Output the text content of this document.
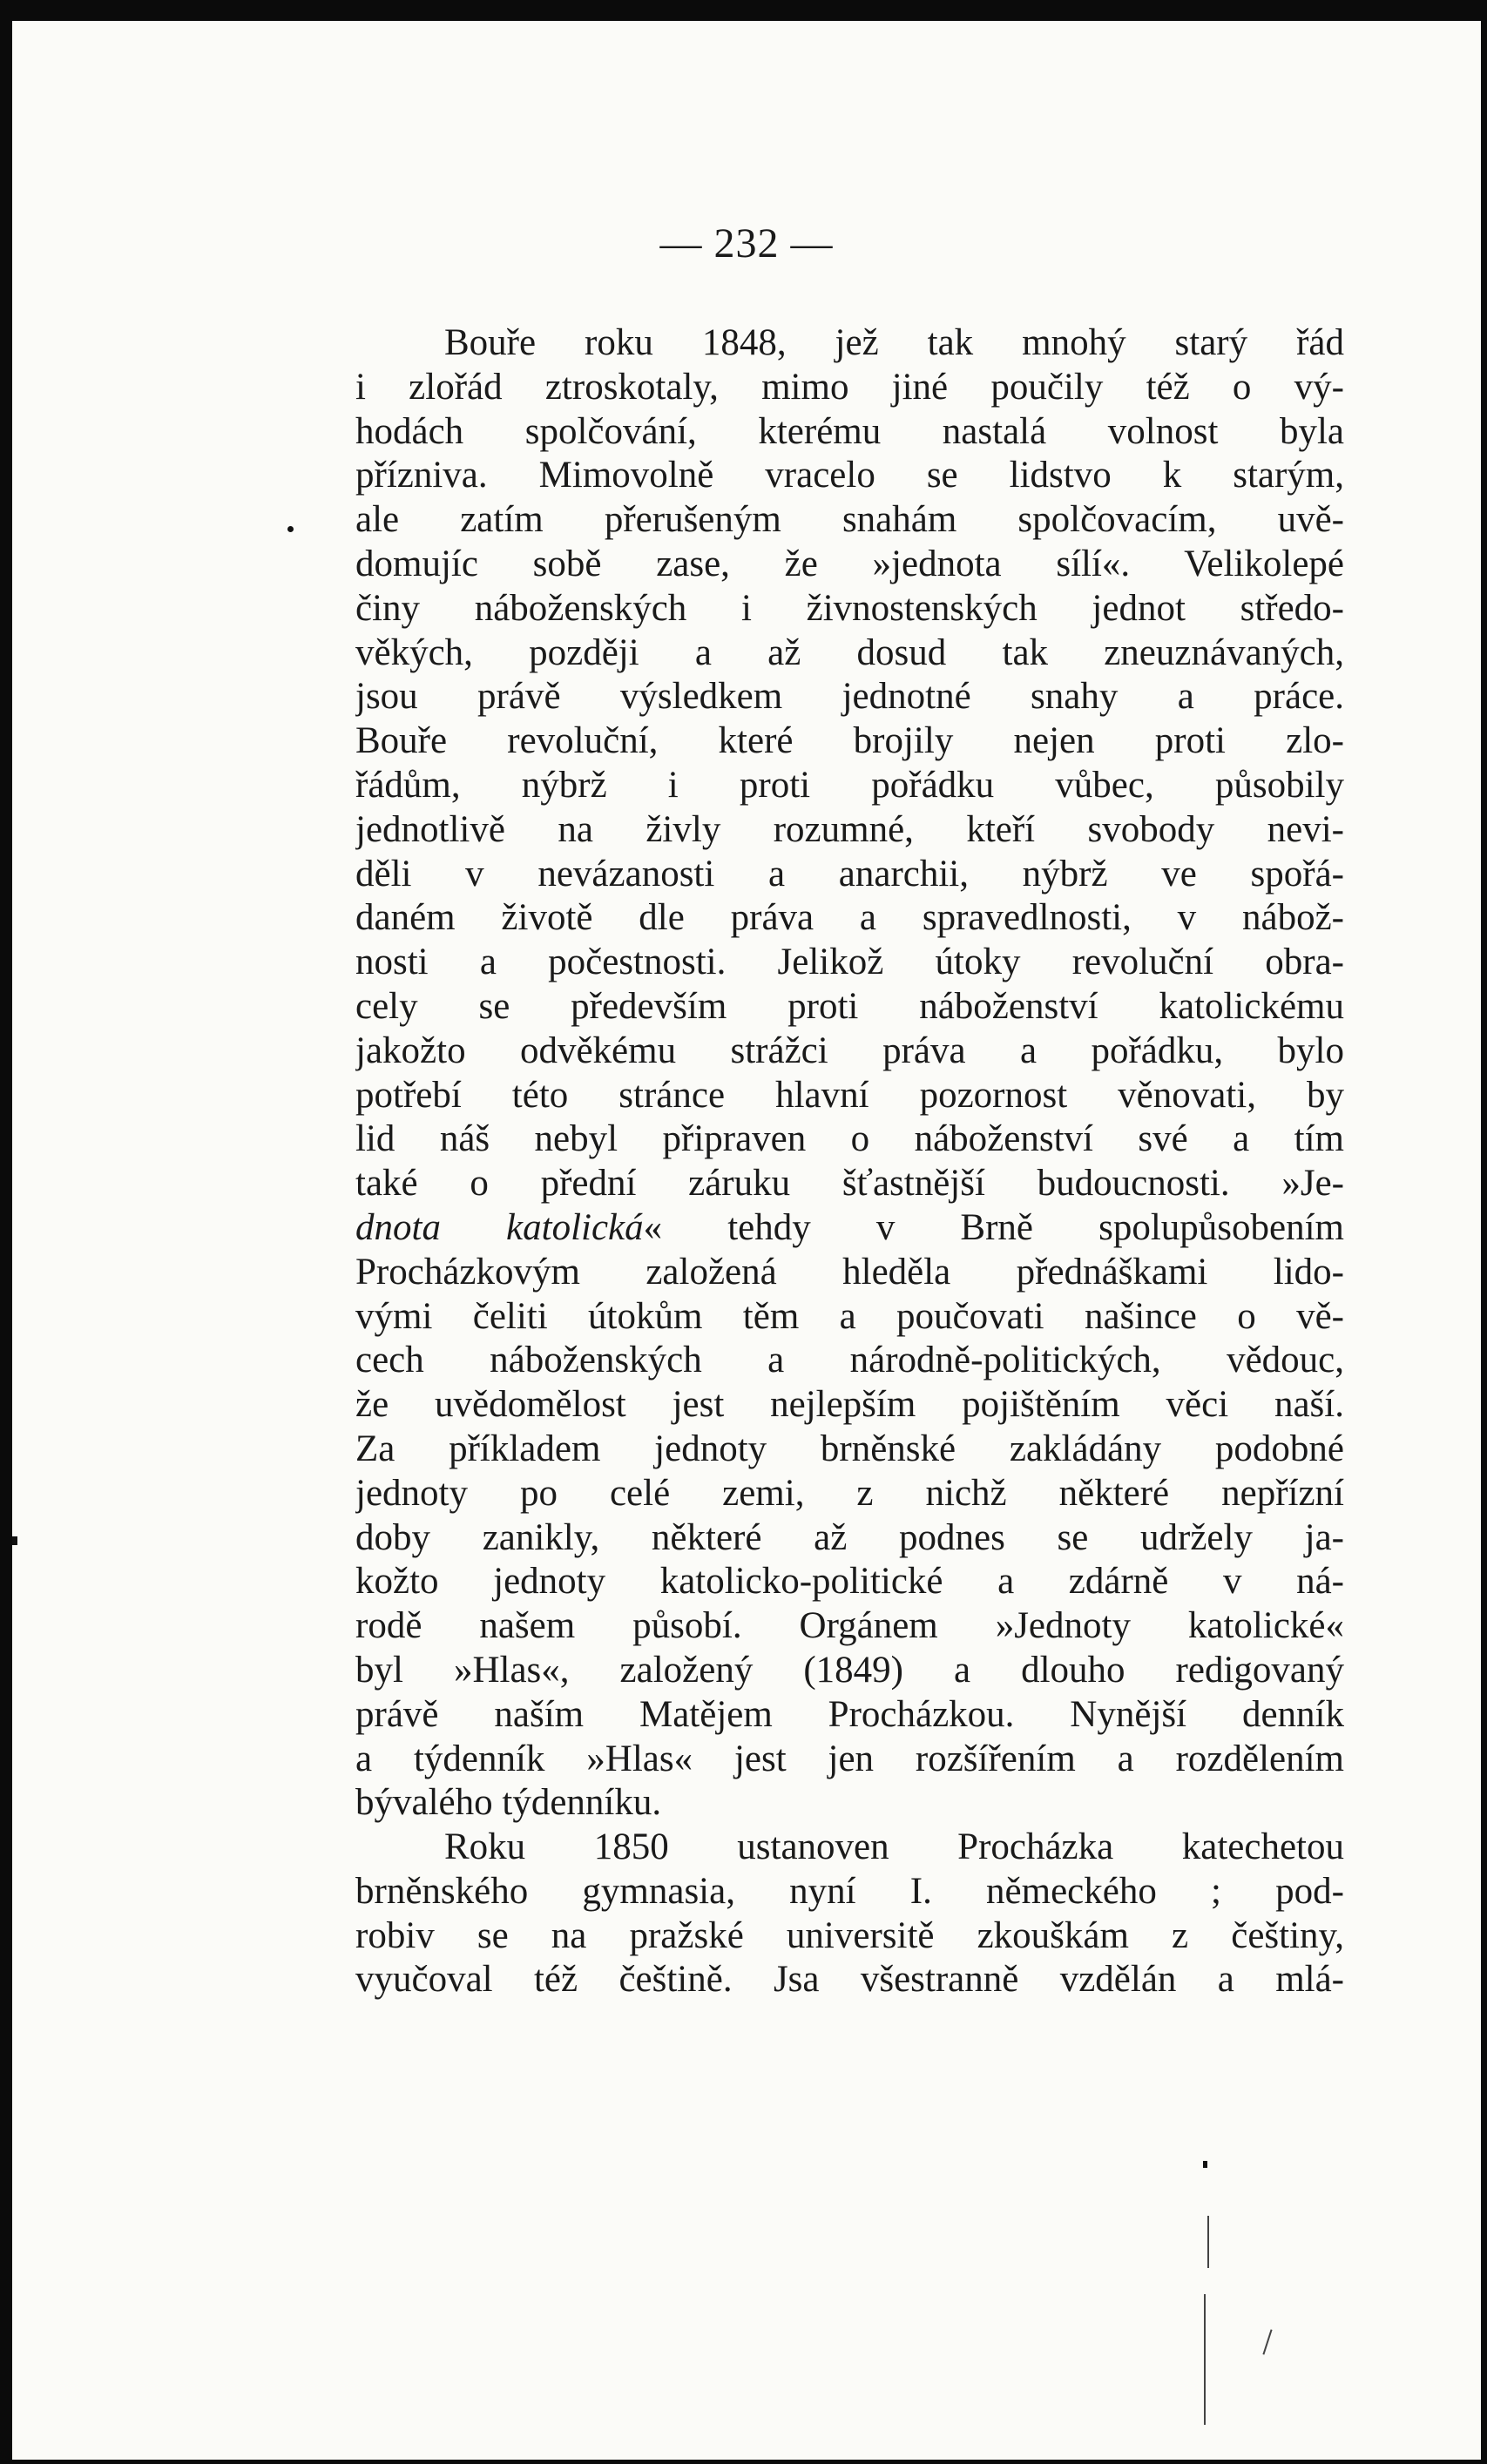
— 232 —
Bouře roku 1848, jež tak mnohý starý řád
i zlořád ztroskotaly, mimo jiné poučily též o vý-
hodách spolčování, kterému nastalá volnost byla
příznivа. Mimovolně vracelo se lidstvo k starým,
ale zatím přerušeným snahám spolčovacím, uvě-
domujíc sobě zase, že »jednota sílí«. Velikolepé
činy náboženských i živnostenských jednot středo-
věkých, později a až dosud tak zneuznávaných,
jsou právě výsledkem jednotné snahy a práce.
Bouře revoluční, které brojily nejen proti zlo-
řádům, nýbrž i proti pořádku vůbec, působily
jednotlivě na živly rozumné, kteří svobody nevi-
děli v nevázanosti a anarchii, nýbrž ve spořá-
daném životě dle práva a spravedlnosti, v nábož-
nosti a počestnosti. Jelikož útoky revoluční obra-
cely se především proti náboženství katolickému
jakožto odvěkému strážci práva a pořádku, bylo
potřebí této stránce hlavní pozornost věnovati, by
lid náš nebyl připraven o náboženství své a tím
také o přední záruku šťastnější budoucnosti. »Je-
dnota katolická« tehdy v Brně spolupůsobením
Procházkovým založená hleděla přednáškami lido-
vými čeliti útokům těm a poučovati našince o vě-
cech náboženských a národně-politických, vědouc,
že uvědomělost jest nejlepším pojištěním věci naší.
Za příkladem jednoty brněnské zakládány podobné
jednoty po celé zemi, z nichž některé nepřízní
doby zanikly, některé až podnes se udržely ja-
kožto jednoty katolicko-politické a zdárně v ná-
rodě našem působí. Orgánem »Jednoty katolické«
byl »Hlas«, založený (1849) a dlouho redigovaný
právě naším Matějem Procházkou. Nynější denník
a týdenník »Hlas« jest jen rozšířením a rozdělením
bývalého týdenníku.
Roku 1850 ustanoven Procházka katechetou
brněnského gymnasia, nyní I. německého ; pod-
robiv se na pražské universitě zkouškám z češtiny,
vyučoval též češtině. Jsa všestranně vzdělán a mlá-
